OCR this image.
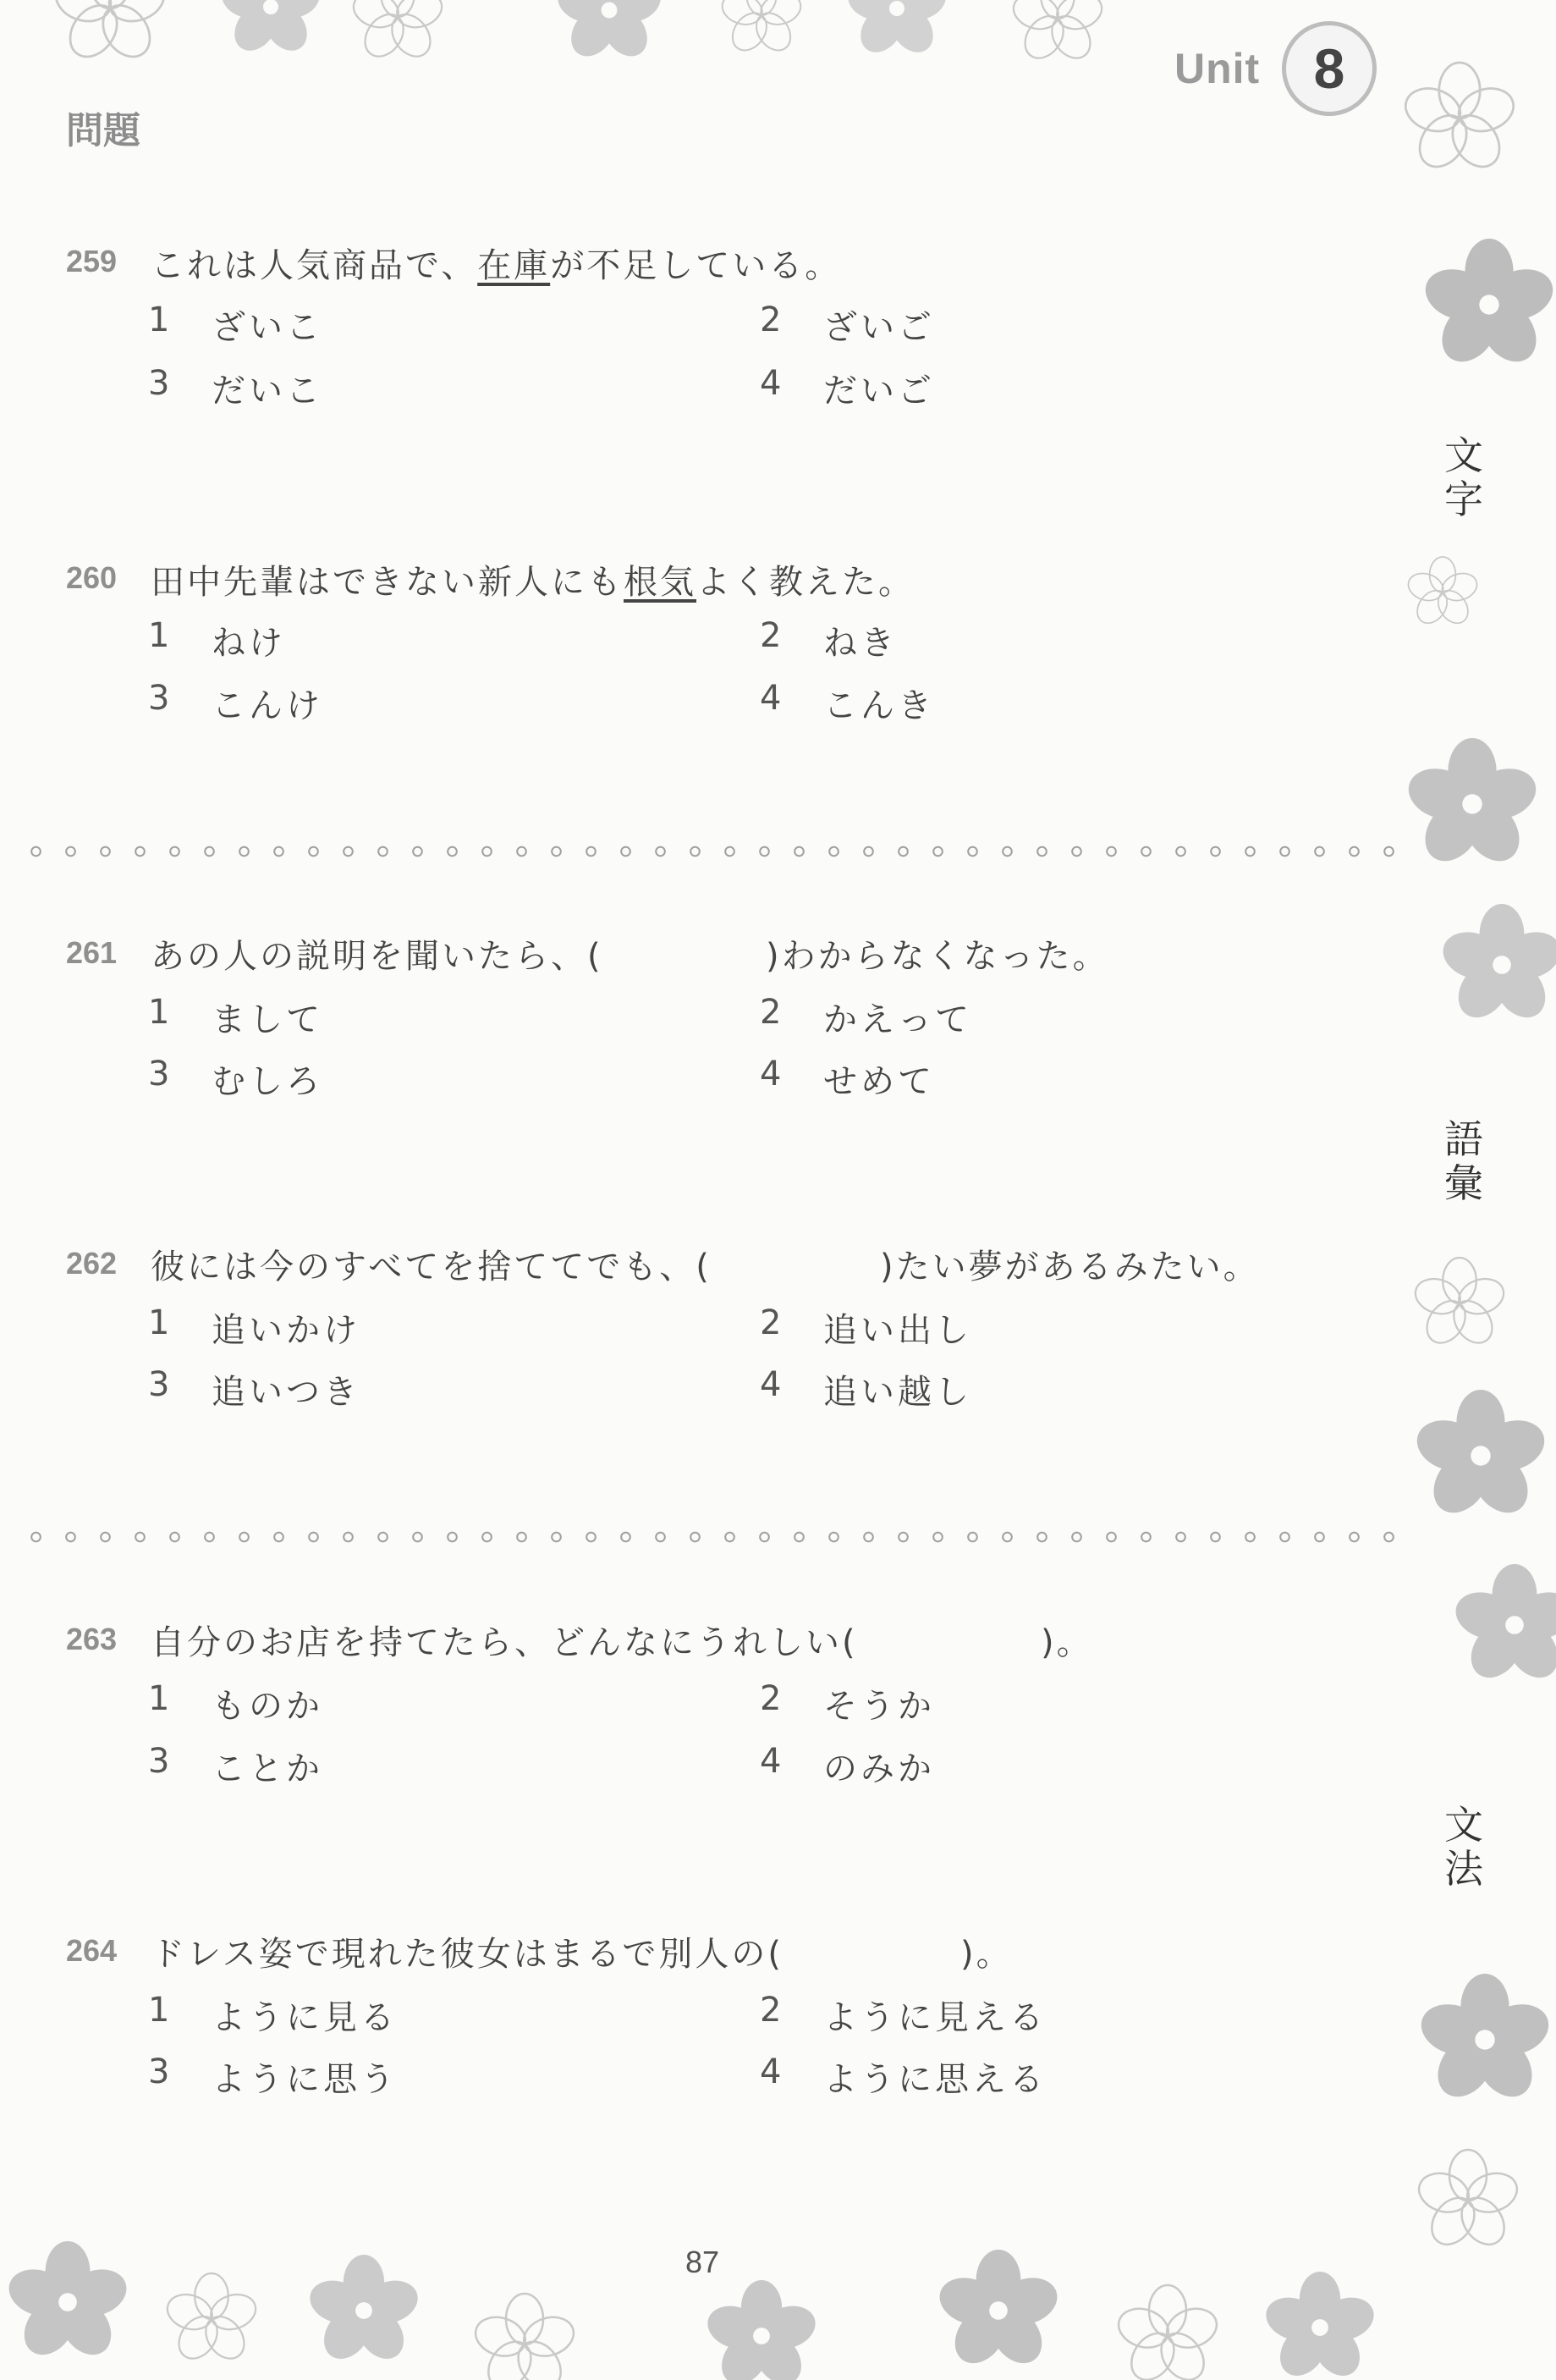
Unit 8
問題
259 これは人気商品で、在庫が不足している。
1 ざいこ	2 ざいご
3 だいこ	4 だいご
260 田中先輩はできない新人にも根気よく教えた。
1 ねけ	2 ねき
3 こんけ	4 こんき
261 あの人の説明を聞いたら、(	)わからなくなった。
1 まして	2 かえって
3 むしろ	4 せめて
262 彼には今のすべてを捨ててでも、(	)たい夢があるみたい。
1 追いかけ	2 追い出し
3 追いつき	4 追い越し
263 自分のお店を持てたら、どんなにうれしい(	)。
1 ものか	2 そうか
3 ことか	4 のみか
264 ドレス姿で現れた彼女はまるで別人の(	)。
1 ように見る	2 ように見える
3 ように思う	4 ように思える
文字
語彙
文法
87
